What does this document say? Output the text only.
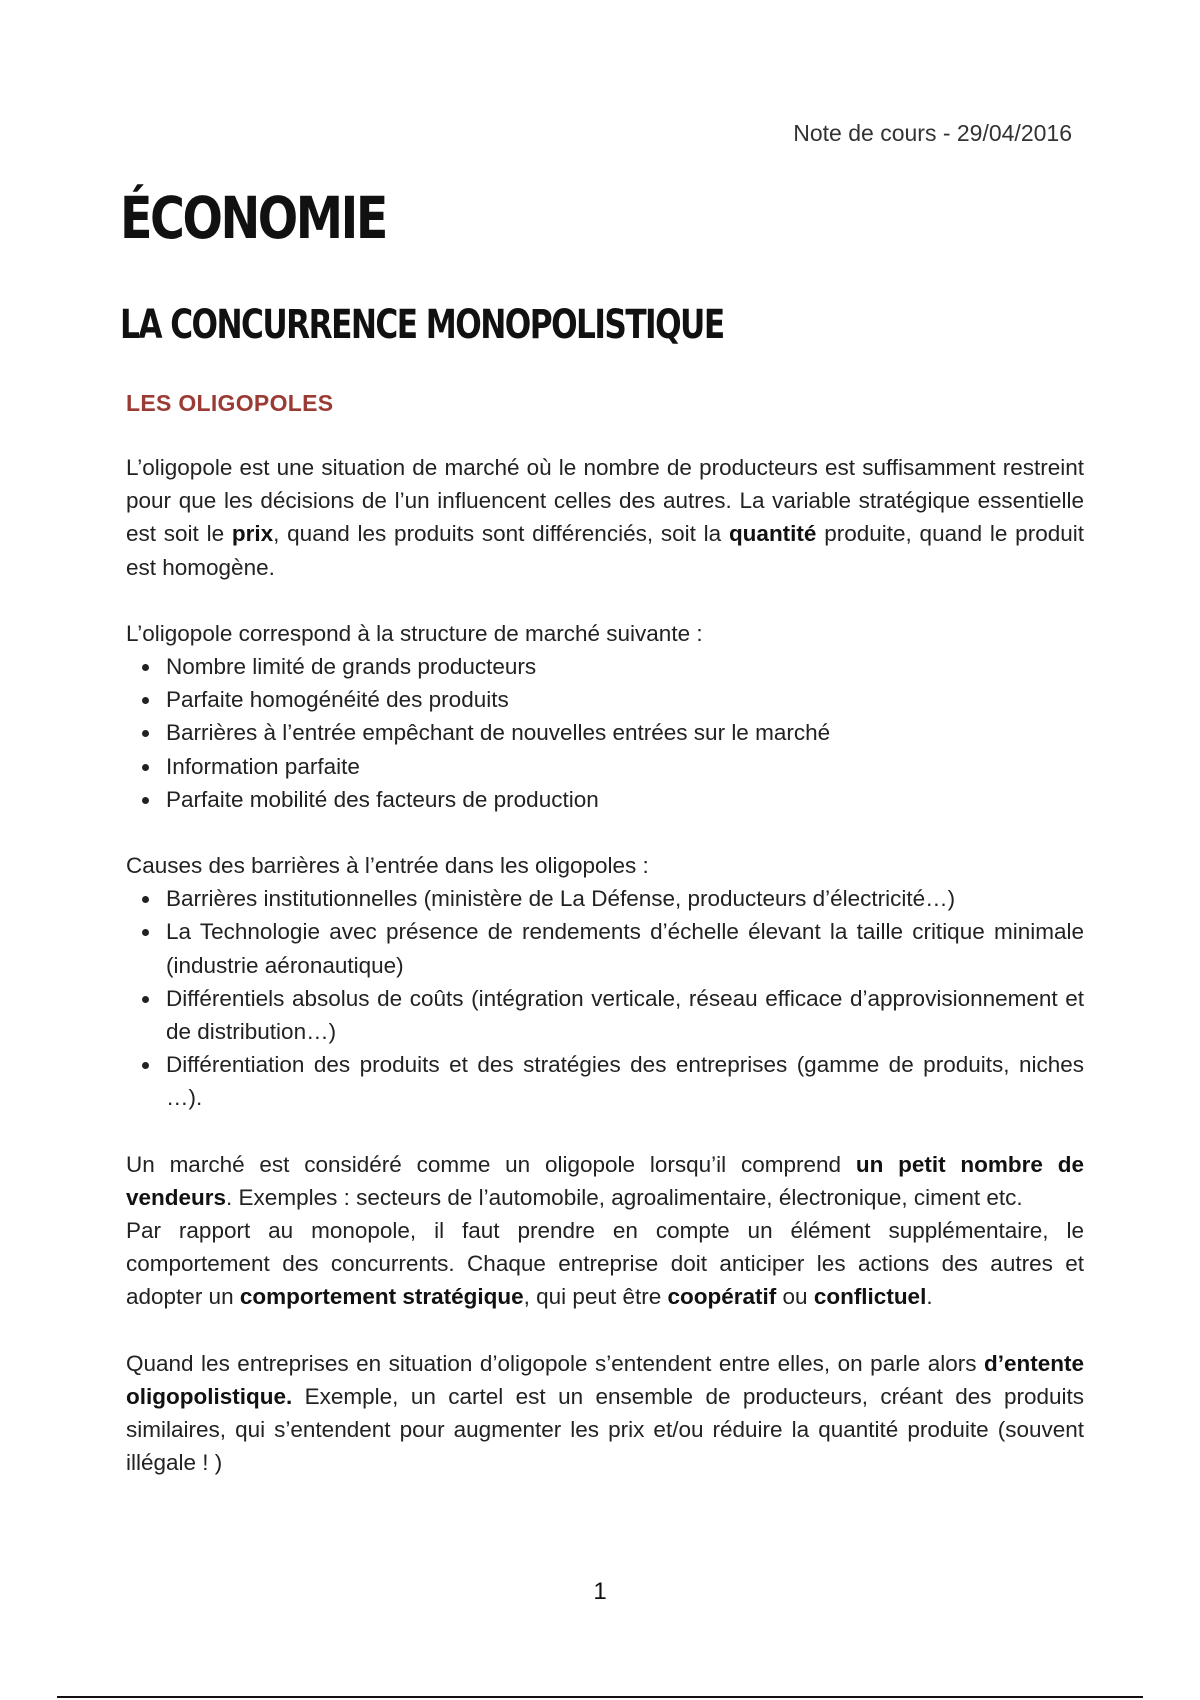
Note de cours - 29/04/2016
ÉCONOMIE
LA CONCURRENCE MONOPOLISTIQUE
LES OLIGOPOLES

L’oligopole est une situation de marché où le nombre de producteurs est suffisamment restreint pour que les décisions de l’un influencent celles des autres. La variable stratégique essentielle est soit le prix, quand les produits sont différenciés, soit la quantité produite, quand le produit est homogène.

L’oligopole correspond à la structure de marché suivante :

Nombre limité de grands producteurs
Parfaite homogénéité des produits
Barrières à l’entrée empêchant de nouvelles entrées sur le marché
Information parfaite
Parfaite mobilité des facteurs de production

Causes des barrières à l’entrée dans les oligopoles :

Barrières institutionnelles (ministère de La Défense, producteurs d’électricité…)
La Technologie avec présence de rendements d’échelle élevant la taille critique minimale (industrie aéronautique)
Différentiels absolus de coûts (intégration verticale, réseau efficace d’approvisionnement et de distribution…)
Différentiation des produits et des stratégies des entreprises (gamme de produits, niches …).

Un marché est considéré comme un oligopole lorsqu’il comprend un petit nombre de vendeurs. Exemples : secteurs de l’automobile, agroalimentaire, électronique, ciment etc.

Par rapport au monopole, il faut prendre en compte un élément supplémentaire, le comportement des concurrents. Chaque entreprise doit anticiper les actions des autres et adopter un comportement stratégique, qui peut être coopératif ou conflictuel.

Quand les entreprises en situation d’oligopole s’entendent entre elles, on parle alors d’entente oligopolistique. Exemple, un cartel est un ensemble de producteurs, créant des produits similaires, qui s’entendent pour augmenter les prix et/ou réduire la quantité produite (souvent illégale ! )

1
